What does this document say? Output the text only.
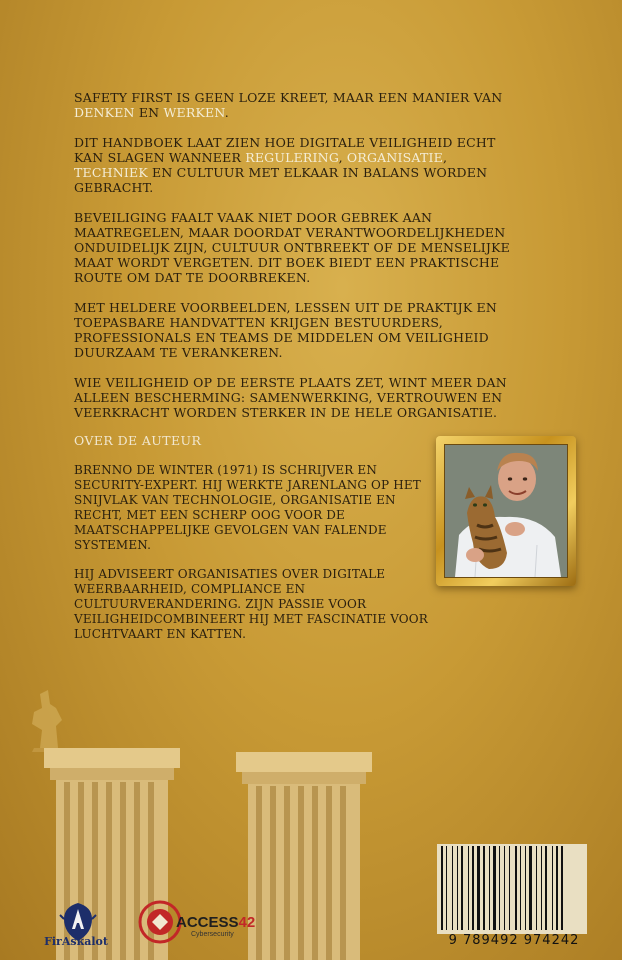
SAFETY FIRST IS GEEN LOZE KREET, MAAR EEN MANIER VAN
DENKEN EN WERKEN.

DIT HANDBOEK LAAT ZIEN HOE DIGITALE VEILIGHEID ECHT KAN SLAGEN WANNEER REGULERING, ORGANISATIE, TECHNIEK EN CULTUUR MET ELKAAR IN BALANS WORDEN GEBRACHT.

BEVEILIGING FAALT VAAK NIET DOOR GEBREK AAN MAATREGELEN, MAAR DOORDAT VERANTWOORDELIJKHEDEN ONDUIDELIJK ZIJN, CULTUUR ONTBREEKT OF DE MENSELIJKE MAAT WORDT VERGETEN. DIT BOEK BIEDT EEN PRAKTISCHE ROUTE OM DAT TE DOORBREKEN.

MET HELDERE VOORBEELDEN, LESSEN UIT DE PRAKTIJK EN TOEPASBARE HANDVATTEN KRIJGEN BESTUURDERS, PROFESSIONALS EN TEAMS DE MIDDELEN OM VEILIGHEID DUURZAAM TE VERANKEREN.

WIE VEILIGHEID OP DE EERSTE PLAATS ZET, WINT MEER DAN ALLEEN BESCHERMING: SAMENWERKING, VERTROUWEN EN VEERKRACHT WORDEN STERKER IN DE HELE ORGANISATIE.

OVER DE AUTEUR

BRENNO DE WINTER (1971) IS SCHRIJVER EN SECURITY-EXPERT. HIJ WERKTE JARENLANG OP HET SNIJVLAK VAN TECHNOLOGIE, ORGANISATIE EN RECHT, MET EEN SCHERP OOG VOOR DE MAATSCHAPPELIJKE GEVOLGEN VAN FALENDE SYSTEMEN.

HIJ ADVISEERT ORGANISATIES OVER DIGITALE WEERBAARHEID, COMPLIANCE EN CULTUURVERANDERING. ZIJN PASSIE VOOR VEILIGHEIDCOMBINEERT HIJ MET FASCINATIE VOOR LUCHTVAART EN KATTEN.

9 789492 974242
FirAskalot
ACCESS42
Cybersecurity
